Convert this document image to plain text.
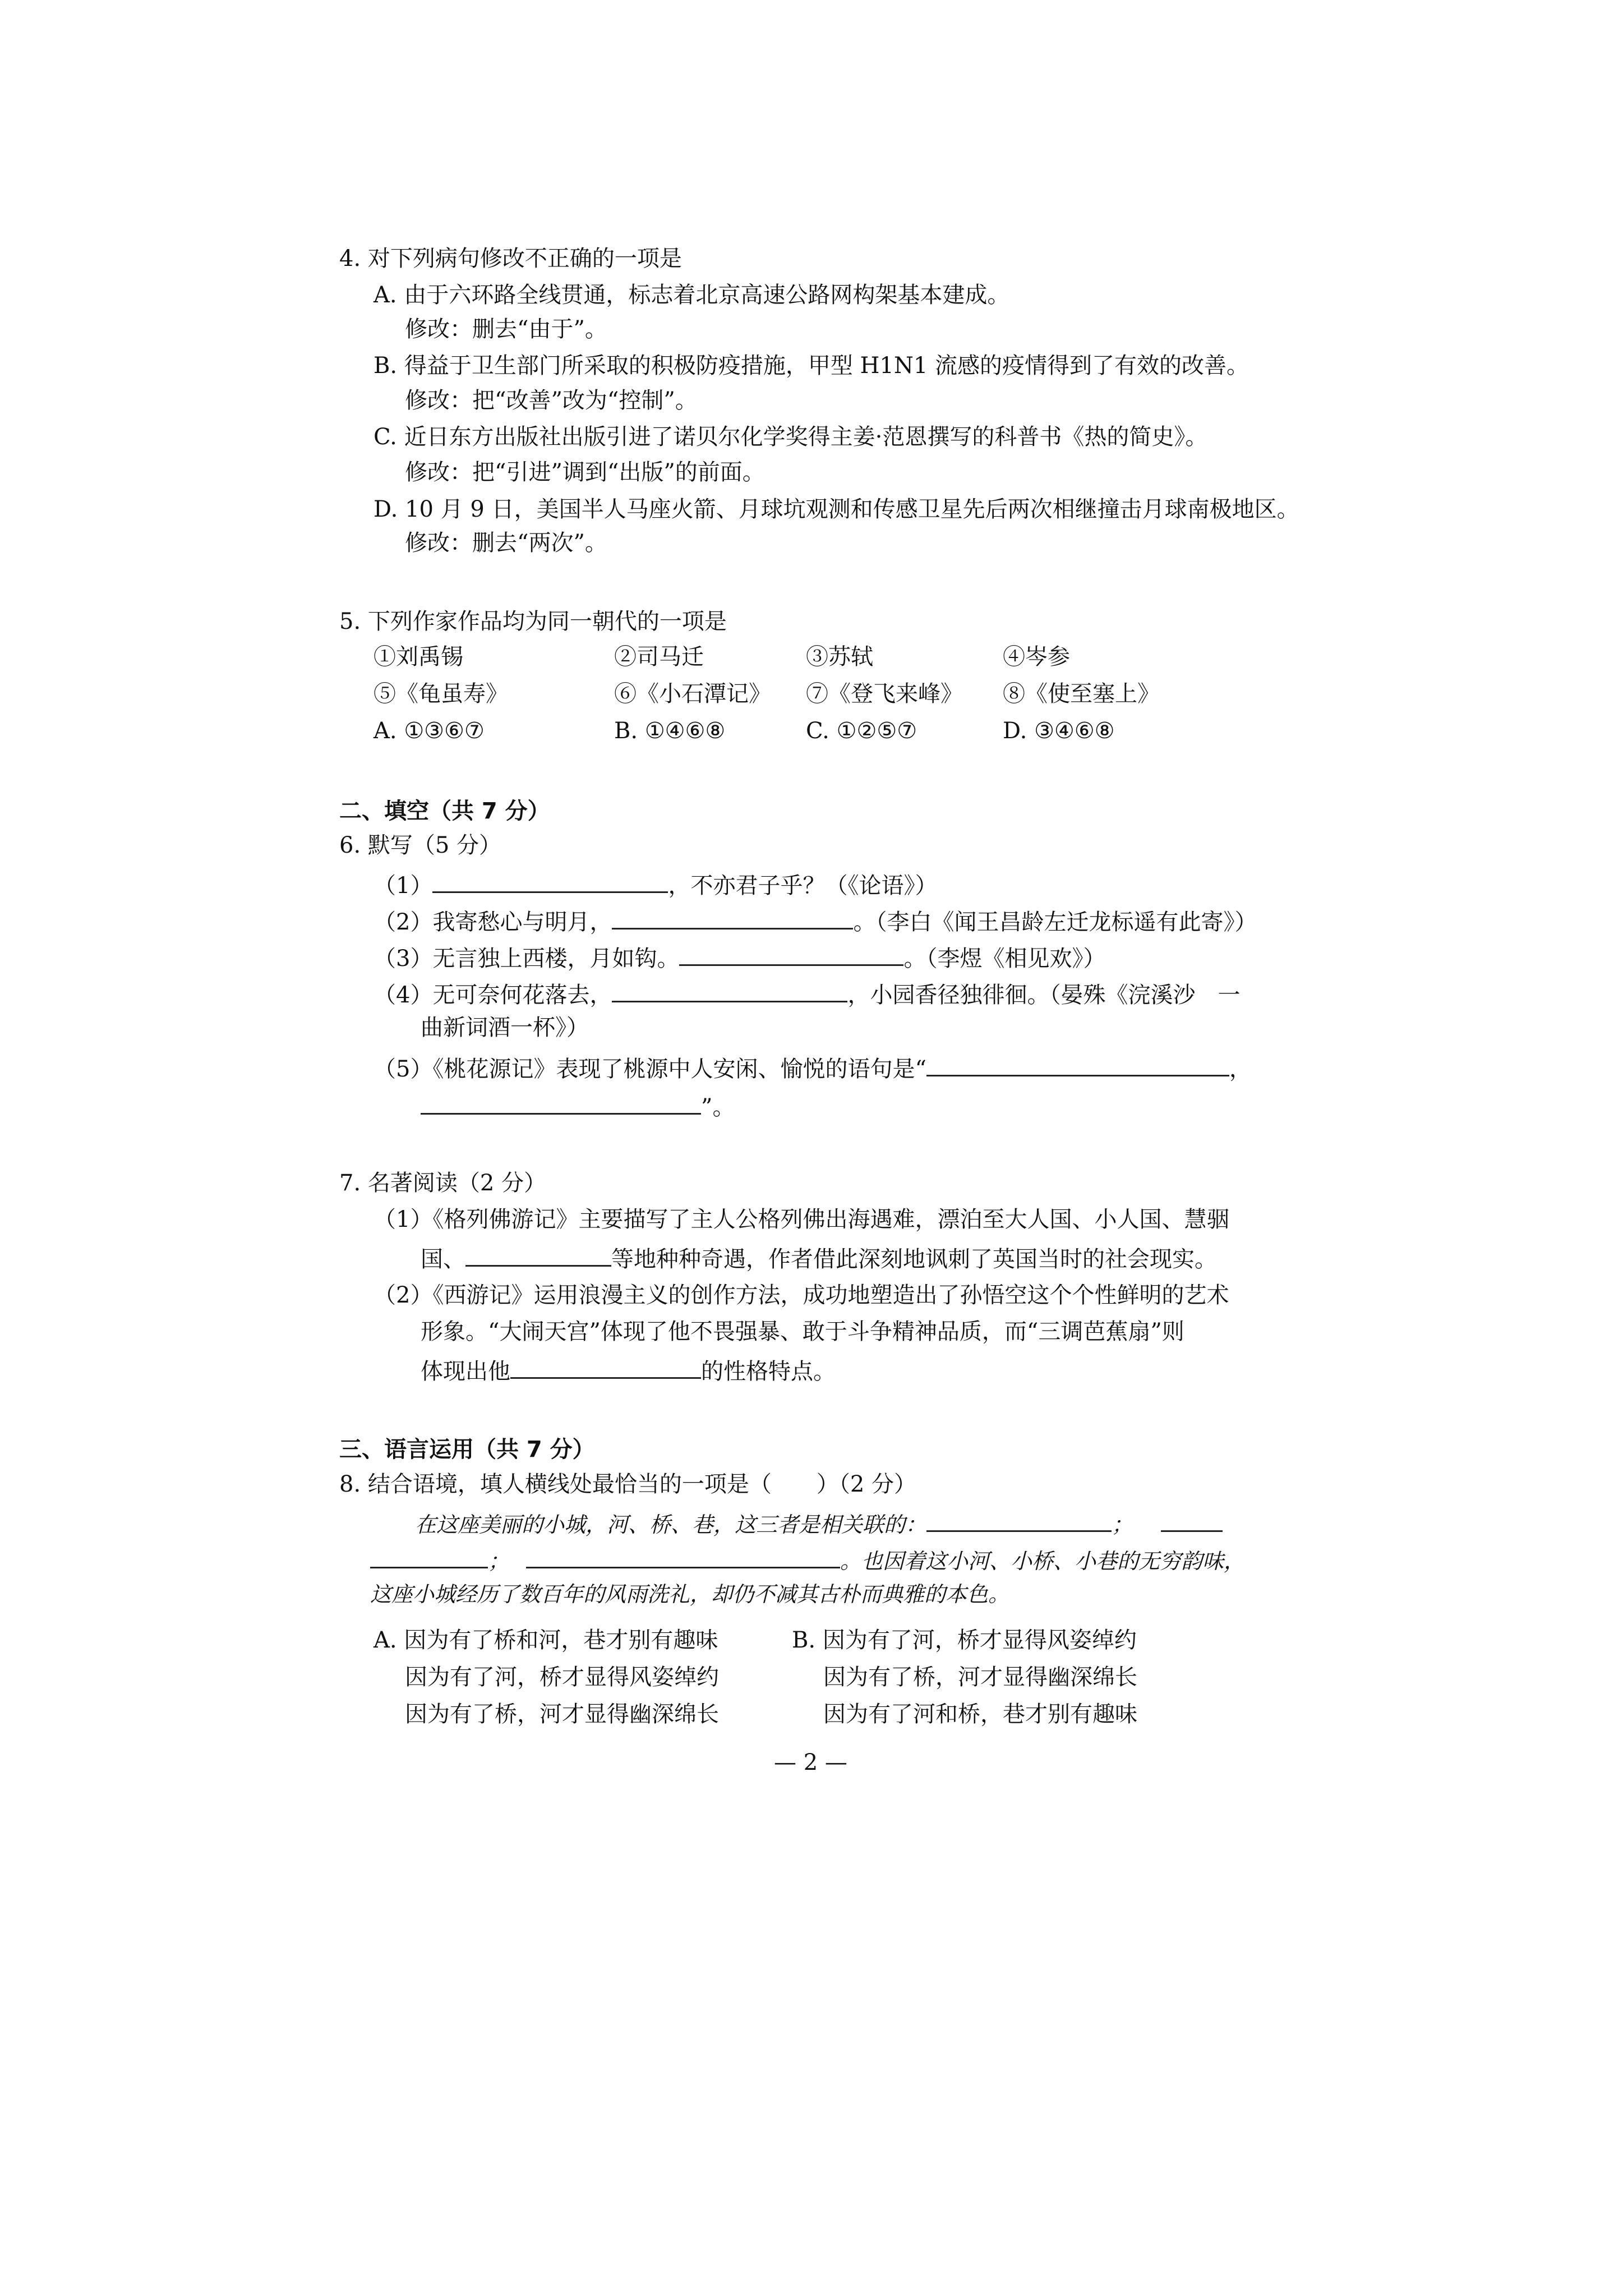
4. 对下列病句修改不正确的一项是
A. 由于六环路全线贯通，标志着北京高速公路网构架基本建成。
修改：删去“由于”。
B. 得益于卫生部门所采取的积极防疫措施，甲型 H1N1 流感的疫情得到了有效的改善。
修改：把“改善”改为“控制”。
C. 近日东方出版社出版引进了诺贝尔化学奖得主姜·范恩撰写的科普书《热的简史》。
修改：把“引进”调到“出版”的前面。
D. 10 月 9 日，美国半人马座火箭、月球坑观测和传感卫星先后两次相继撞击月球南极地区。
修改：删去“两次”。
5. 下列作家作品均为同一朝代的一项是
①刘禹锡	②司马迁	③苏轼	④岑参
⑤《龟虽寿》	⑥《小石潭记》 ⑦《登飞来峰》 ⑧《使至塞上》
A. ①③⑥⑦	B. ①④⑥⑧	C. ①②⑤⑦	D. ③④⑥⑧
二、填空（共 7 分）
6. 默写（5 分）
（1）	，不亦君子乎？（《论语》）
（2）我寄愁心与明月，	。（李白《闻王昌龄左迁龙标遥有此寄》）
（3）无言独上西楼，月如钩。	。（李煜《相见欢》）
（4）无可奈何花落去，	，小园香径独徘徊。（晏殊《浣溪沙　一
曲新词酒一杯》）
（5）《桃花源记》表现了桃源中人安闲、愉悦的语句是“	，
”。
7. 名著阅读（2 分）
（1）《格列佛游记》主要描写了主人公格列佛出海遇难，漂泊至大人国、小人国、慧骃
国、	等地种种奇遇，作者借此深刻地讽刺了英国当时的社会现实。
（2）《西游记》运用浪漫主义的创作方法，成功地塑造出了孙悟空这个个性鲜明的艺术
形象。“大闹天宫”体现了他不畏强暴、敢于斗争精神品质，而“三调芭蕉扇”则
体现出他	的性格特点。
三、语言运用（共 7 分）
8. 结合语境，填人横线处最恰当的一项是（　　）（2 分）
在这座美丽的小城，河、桥、巷，这三者是相关联的：	；
；	。也因着这小河、小桥、小巷的无穷韵味，
这座小城经历了数百年的风雨洗礼，却仍不减其古朴而典雅的本色。
A. 因为有了桥和河，巷才别有趣味
因为有了河，桥才显得风姿绰约
因为有了桥，河才显得幽深绵长
B. 因为有了河，桥才显得风姿绰约
因为有了桥，河才显得幽深绵长
因为有了河和桥，巷才别有趣味
— 2 —
